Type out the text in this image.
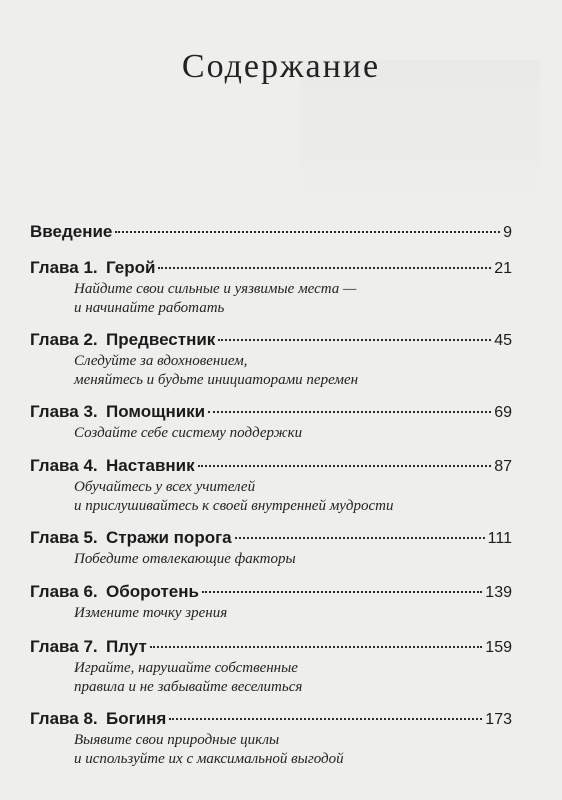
Содержание
Введение	9
Глава 1. Герой	21
Найдите свои сильные и уязвимые места —
и начинайте работать
Глава 2. Предвестник	45
Следуйте за вдохновением,
меняйтесь и будьте инициаторами перемен
Глава 3. Помощники	69
Создайте себе систему поддержки
Глава 4. Наставник	87
Обучайтесь у всех учителей
и прислушивайтесь к своей внутренней мудрости
Глава 5. Стражи порога	111
Победите отвлекающие факторы
Глава 6. Оборотень	139
Измените точку зрения
Глава 7. Плут	159
Играйте, нарушайте собственные
правила и не забывайте веселиться
Глава 8. Богиня	173
Выявите свои природные циклы
и используйте их с максимальной выгодой
